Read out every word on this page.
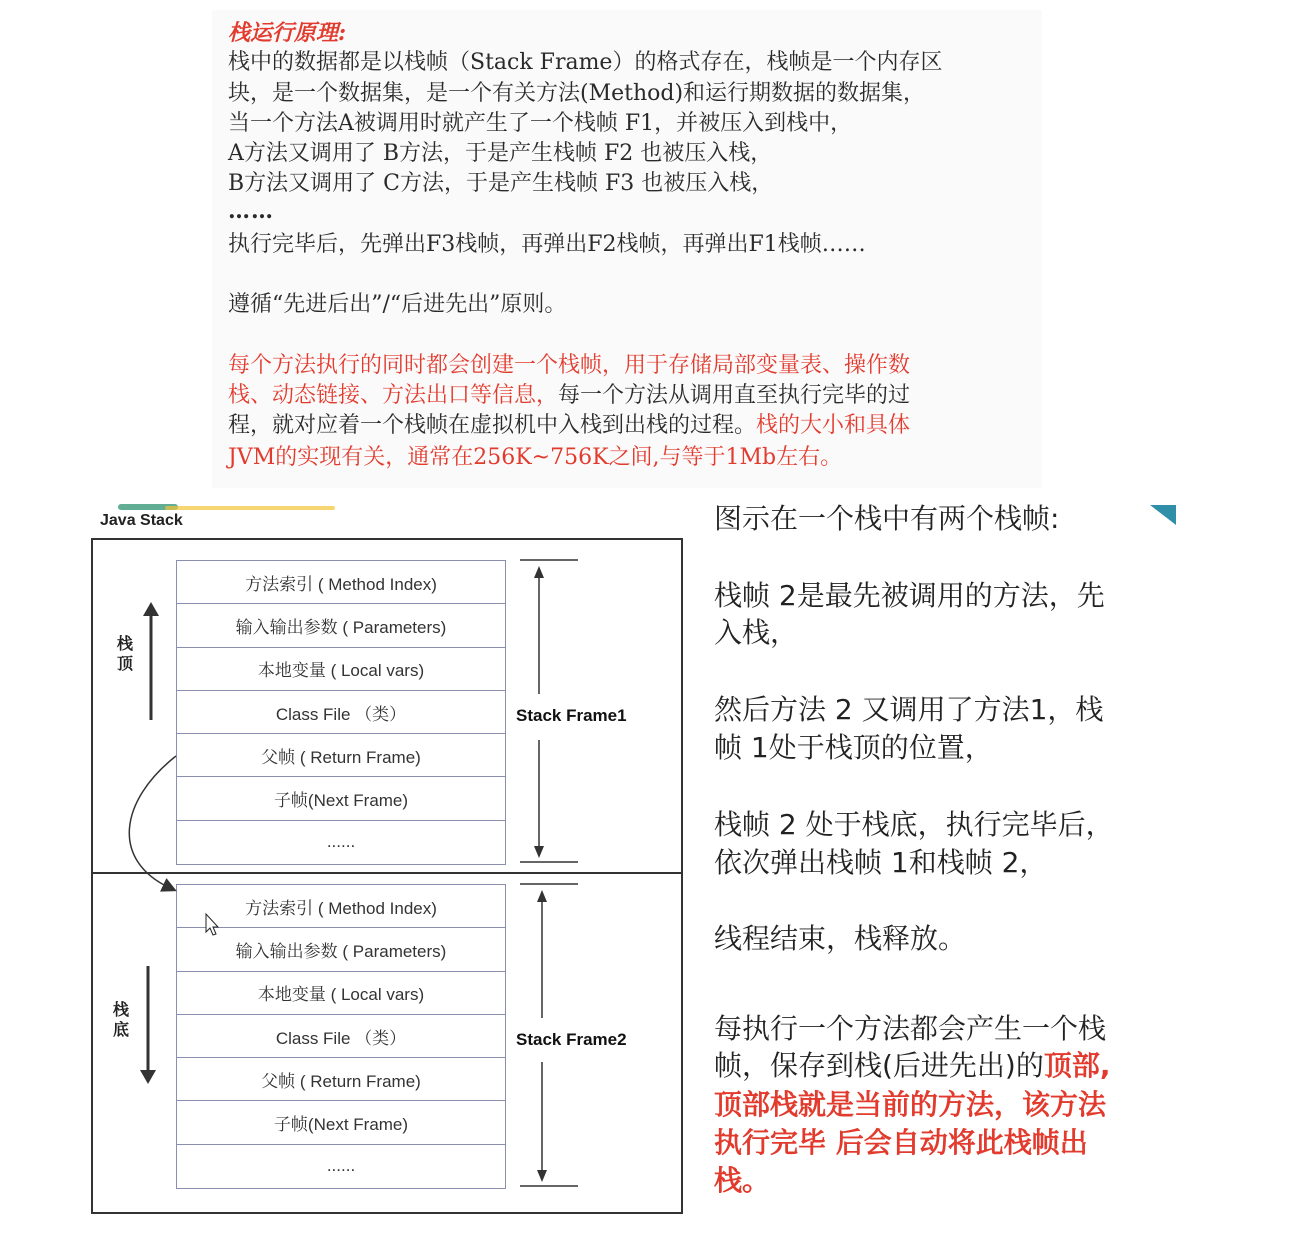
栈运行原理:
栈中的数据都是以栈帧（Stack Frame）的格式存在，栈帧是一个内存区
块，是一个数据集，是一个有关方法(Method)和运行期数据的数据集，
当一个方法A被调用时就产生了一个栈帧 F1，并被压入到栈中，
A方法又调用了 B方法，于是产生栈帧 F2 也被压入栈，
B方法又调用了 C方法，于是产生栈帧 F3 也被压入栈，
……
执行完毕后，先弹出F3栈帧，再弹出F2栈帧，再弹出F1栈帧……
遵循“先进后出”/“后进先出”原则。
每个方法执行的同时都会创建一个栈帧，用于存储局部变量表、操作数
栈、动态链接、方法出口等信息，每一个方法从调用直至执行完毕的过
程，就对应着一个栈帧在虚拟机中入栈到出栈的过程。栈的大小和具体
JVM的实现有关，通常在256K~756K之间,与等于1Mb左右。
Java Stack
方法索引 ( Method Index)
输入输出参数 ( Parameters)
本地变量 ( Local vars)
Class File （类）
父帧 ( Return Frame)
子帧(Next Frame)
......
方法索引 ( Method Index)
输入输出参数 ( Parameters)
本地变量 ( Local vars)
Class File （类）
父帧 ( Return Frame)
子帧(Next Frame)
......
栈
顶
栈
底
Stack Frame1
Stack Frame2
图示在一个栈中有两个栈帧:
栈帧 2是最先被调用的方法，先
入栈，
然后方法 2 又调用了方法1，栈
帧 1处于栈顶的位置，
栈帧 2 处于栈底，执行完毕后，
依次弹出栈帧 1和栈帧 2，
线程结束，栈释放。
每执行一个方法都会产生一个栈
帧，保存到栈(后进先出)的顶部,
顶部栈就是当前的方法，该方法
执行完毕 后会自动将此栈帧出
栈。
